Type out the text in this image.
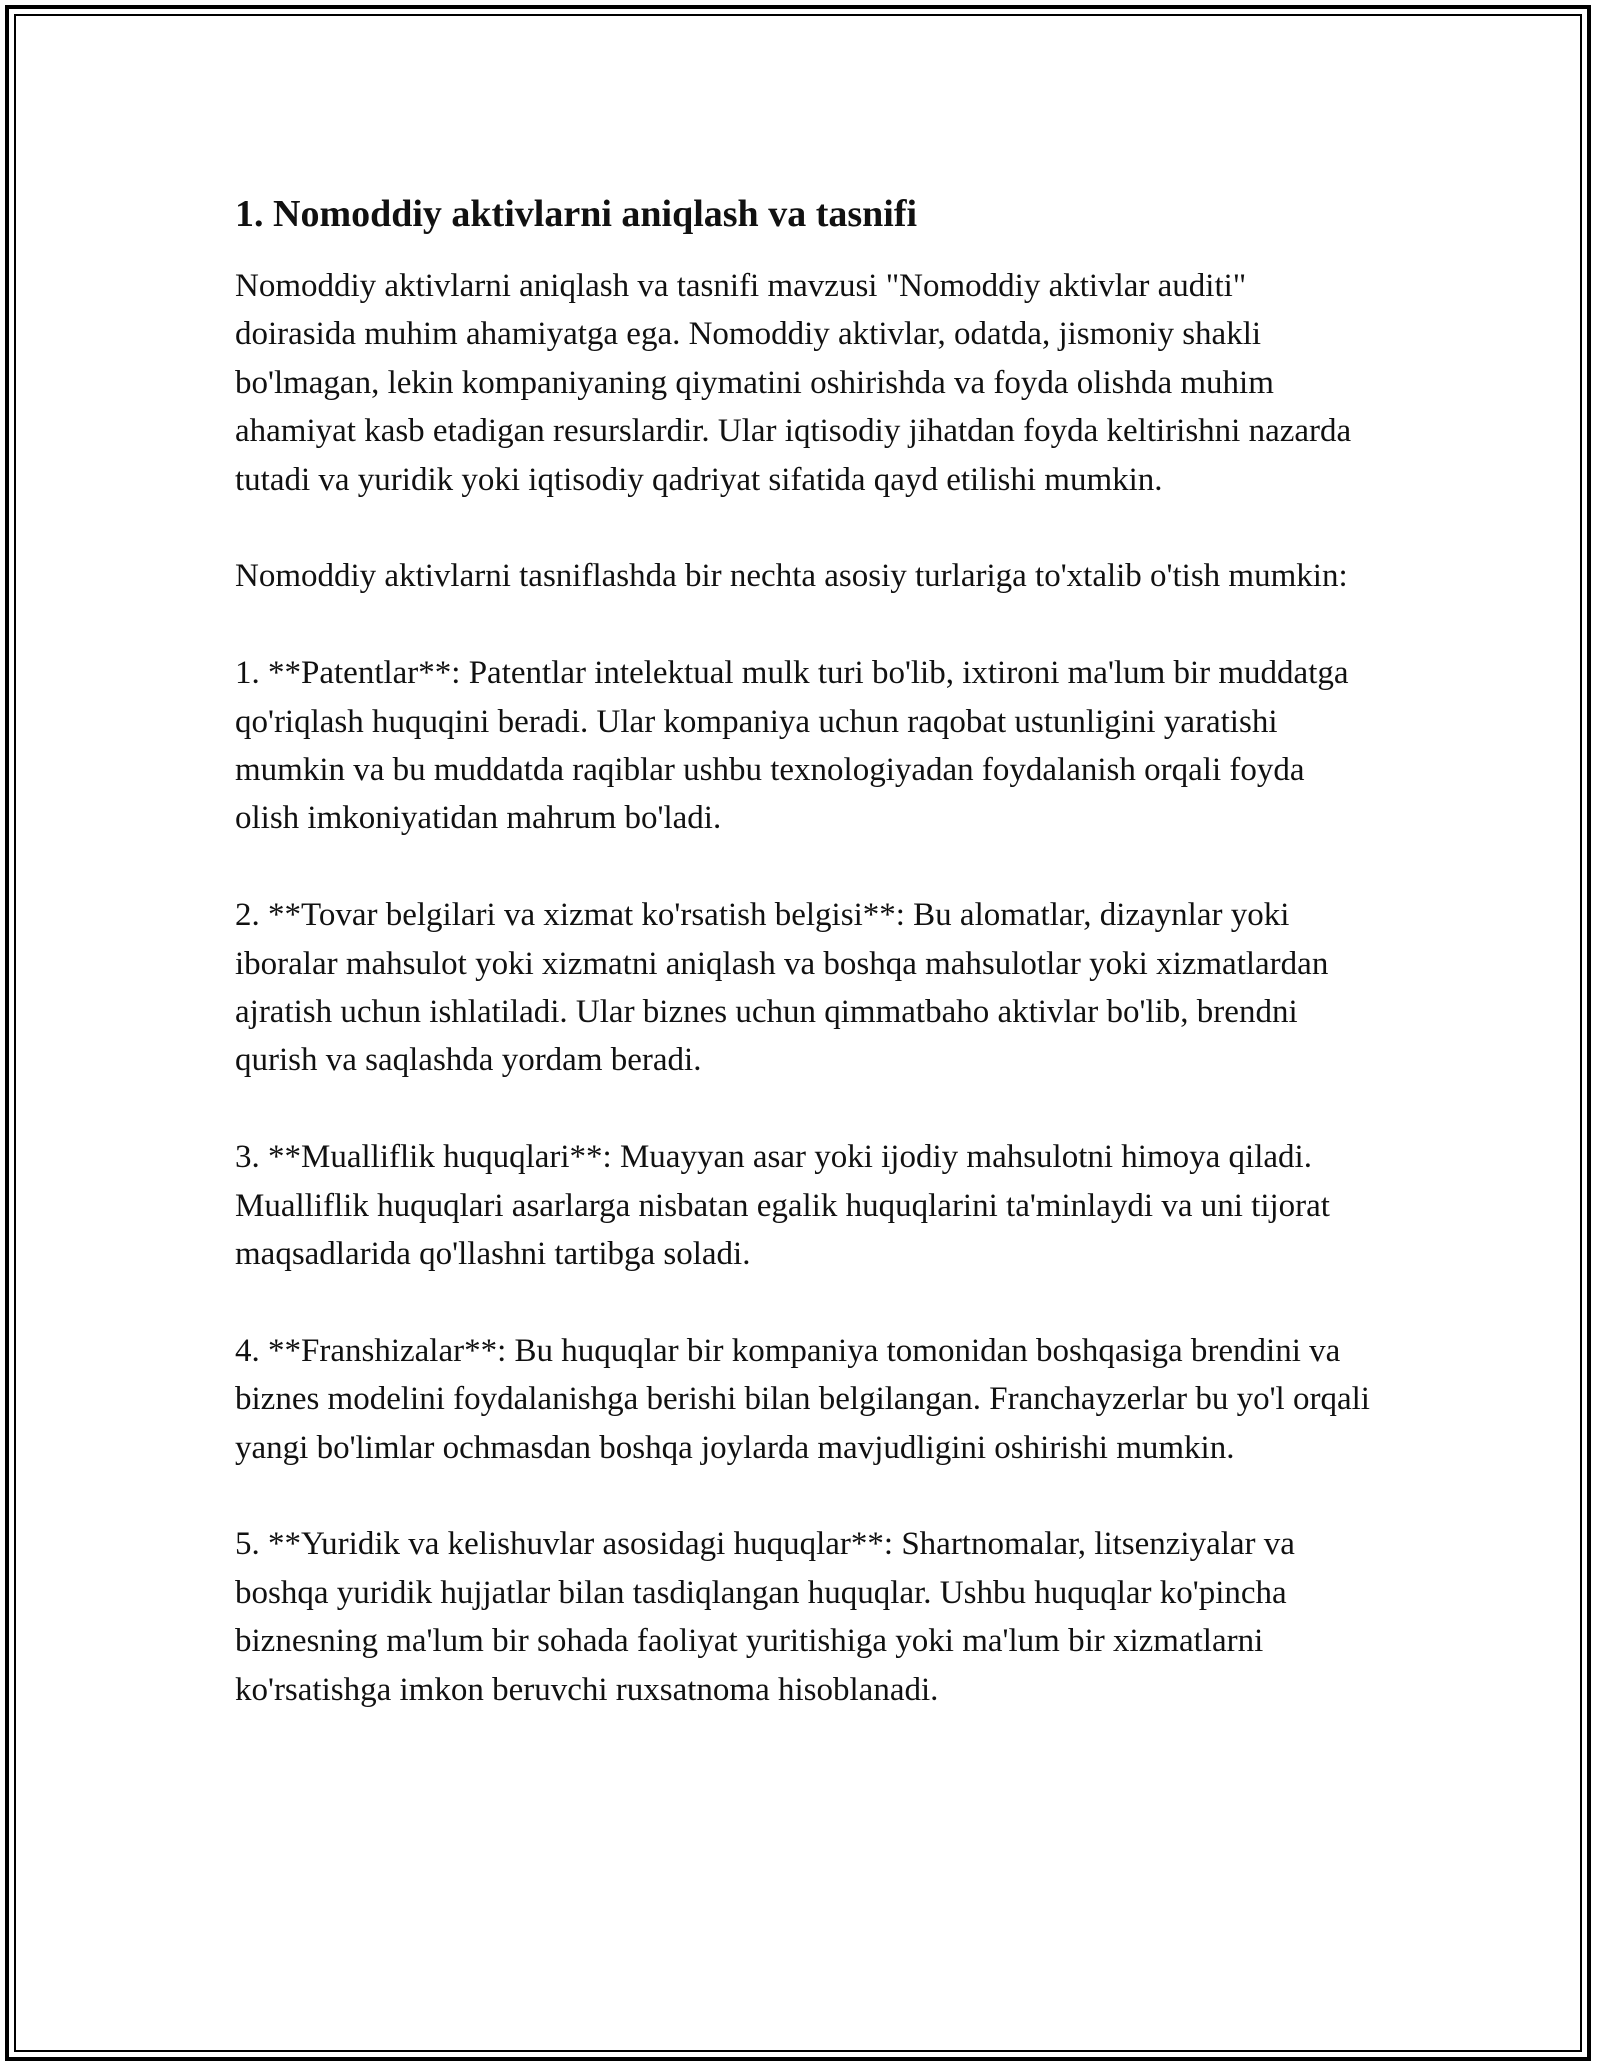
1. Nomoddiy aktivlarni aniqlash va tasnifi

Nomoddiy aktivlarni aniqlash va tasnifi mavzusi "Nomoddiy aktivlar auditi" doirasida muhim ahamiyatga ega. Nomoddiy aktivlar, odatda, jismoniy shakli bo'lmagan, lekin kompaniyaning qiymatini oshirishda va foyda olishda muhim ahamiyat kasb etadigan resurslardir. Ular iqtisodiy jihatdan foyda keltirishni nazarda tutadi va yuridik yoki iqtisodiy qadriyat sifatida qayd etilishi mumkin.

Nomoddiy aktivlarni tasniflashda bir nechta asosiy turlariga to'xtalib o'tish mumkin:

1. **Patentlar**: Patentlar intelektual mulk turi bo'lib, ixtironi ma'lum bir muddatga qo'riqlash huquqini beradi. Ular kompaniya uchun raqobat ustunligini yaratishi mumkin va bu muddatda raqiblar ushbu texnologiyadan foydalanish orqali foyda olish imkoniyatidan mahrum bo'ladi.

2. **Tovar belgilari va xizmat ko'rsatish belgisi**: Bu alomatlar, dizaynlar yoki iboralar mahsulot yoki xizmatni aniqlash va boshqa mahsulotlar yoki xizmatlardan ajratish uchun ishlatiladi. Ular biznes uchun qimmatbaho aktivlar bo'lib, brendni qurish va saqlashda yordam beradi.

3. **Mualliflik huquqlari**: Muayyan asar yoki ijodiy mahsulotni himoya qiladi. Mualliflik huquqlari asarlarga nisbatan egalik huquqlarini ta'minlaydi va uni tijorat maqsadlarida qo'llashni tartibga soladi.

4. **Franshizalar**: Bu huquqlar bir kompaniya tomonidan boshqasiga brendini va biznes modelini foydalanishga berishi bilan belgilangan. Franchayzerlar bu yo'l orqali yangi bo'limlar ochmasdan boshqa joylarda mavjudligini oshirishi mumkin.

5. **Yuridik va kelishuvlar asosidagi huquqlar**: Shartnomalar, litsenziyalar va boshqa yuridik hujjatlar bilan tasdiqlangan huquqlar. Ushbu huquqlar ko'pincha biznesning ma'lum bir sohada faoliyat yuritishiga yoki ma'lum bir xizmatlarni ko'rsatishga imkon beruvchi ruxsatnoma hisoblanadi.
